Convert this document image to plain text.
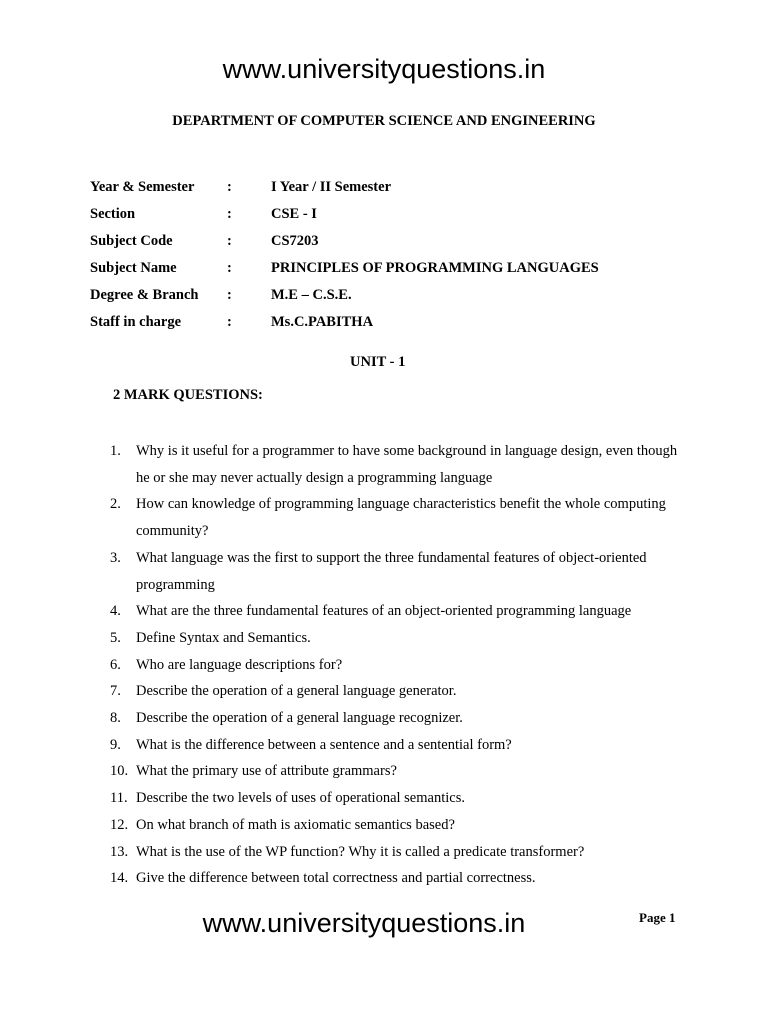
www.universityquestions.in
DEPARTMENT OF COMPUTER SCIENCE AND ENGINEERING
Year & Semester :	I Year / II Semester
Section	:	CSE - I
Subject Code	:	CS7203
Subject Name	:	PRINCIPLES OF PROGRAMMING LANGUAGES
Degree & Branch :	M.E – C.S.E.
Staff in charge	:	Ms.C.PABITHA
UNIT - 1
2 MARK QUESTIONS:
1. Why is it useful for a programmer to have some background in language design, even though he or she may never actually design a programming language
2. How can knowledge of programming language characteristics benefit the whole computing community?
3. What language was the first to support the three fundamental features of object-oriented programming
4. What are the three fundamental features of an object-oriented programming language
5. Define Syntax and Semantics.
6. Who are language descriptions for?
7. Describe the operation of a general language generator.
8. Describe the operation of a general language recognizer.
9. What is the difference between a sentence and a sentential form?
10. What the primary use of attribute grammars?
11. Describe the two levels of uses of operational semantics.
12. On what branch of math is axiomatic semantics based?
13. What is the use of the WP function? Why it is called a predicate transformer?
14. Give the difference between total correctness and partial correctness.
www.universityquestions.in	Page 1
